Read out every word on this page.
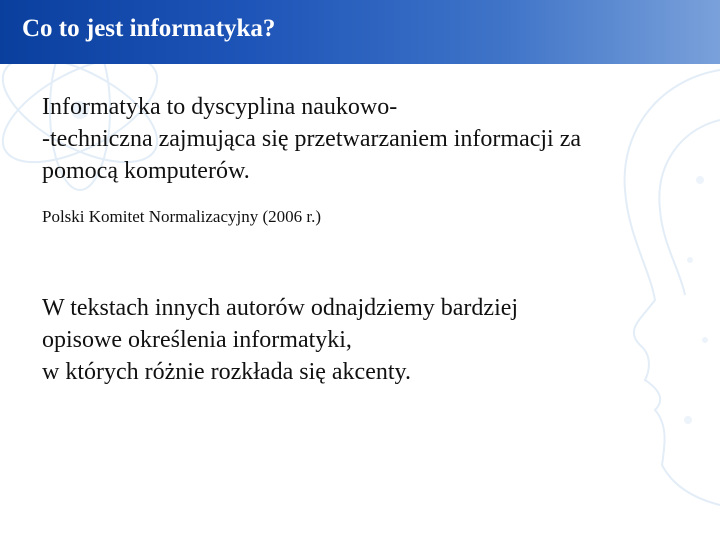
Co to jest informatyka?

Informatyka to dyscyplina naukowo-
-techniczna zajmująca się przetwarzaniem informacji za
pomocą komputerów.

Polski Komitet Normalizacyjny (2006 r.)

W tekstach innych autorów odnajdziemy bardziej
opisowe określenia informatyki,
w których różnie rozkłada się akcenty.
